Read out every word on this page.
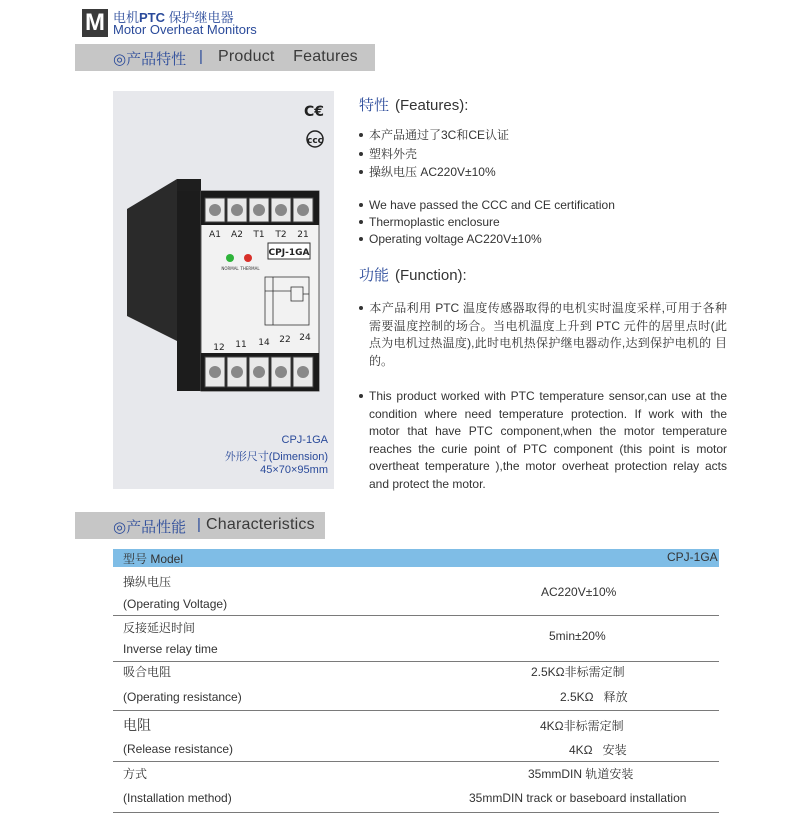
M 电机PTC 保护继电器
Motor Overheat Monitors
◎产品特性 | Product    Features
C€
ccc
A1 A2 T1 T2 21
CPJ-1GA
NORMAL THERMAL
12 11 14 22 24
CPJ-1GA
外形尺寸(Dimension)
45×70×95mm
特性 (Features):
本产品通过了3C和CE认证
塑料外壳
操纵电压 AC220V±10%
We have passed the CCC and CE certification
Thermoplastic enclosure
Operating voltage AC220V±10%
功能 (Function):
本产品利用 PTC 温度传感器取得的电机实时温度采样,可用于各种
需要温度控制的场合。当电机温度上升到 PTC 元件的居里点时(此
点为电机过热温度),此时电机热保护继电器动作,达到保护电机的 目
的。
This product worked with PTC temperature sensor,can use at the
condition where need temperature protection. If work with the
motor that have PTC component,when the motor temperature
reaches the curie point of PTC component (this point is motor
overtheat temperature ),the motor overheat protection relay acts
and protect the motor.
◎产品性能 | Characteristics
型号 Model	CPJ-1GA
操纵电压
(Operating Voltage)
AC220V±10%
反接延迟时间
Inverse relay time
5min±20%
吸合电阻
(Operating resistance)
2.5KΩ非标需定制
2.5KΩ   释放
电阻
(Release resistance)
4KΩ非标需定制
4KΩ   安装
方式
(Installation method)
35mmDIN 轨道安装
35mmDIN track or baseboard installation
